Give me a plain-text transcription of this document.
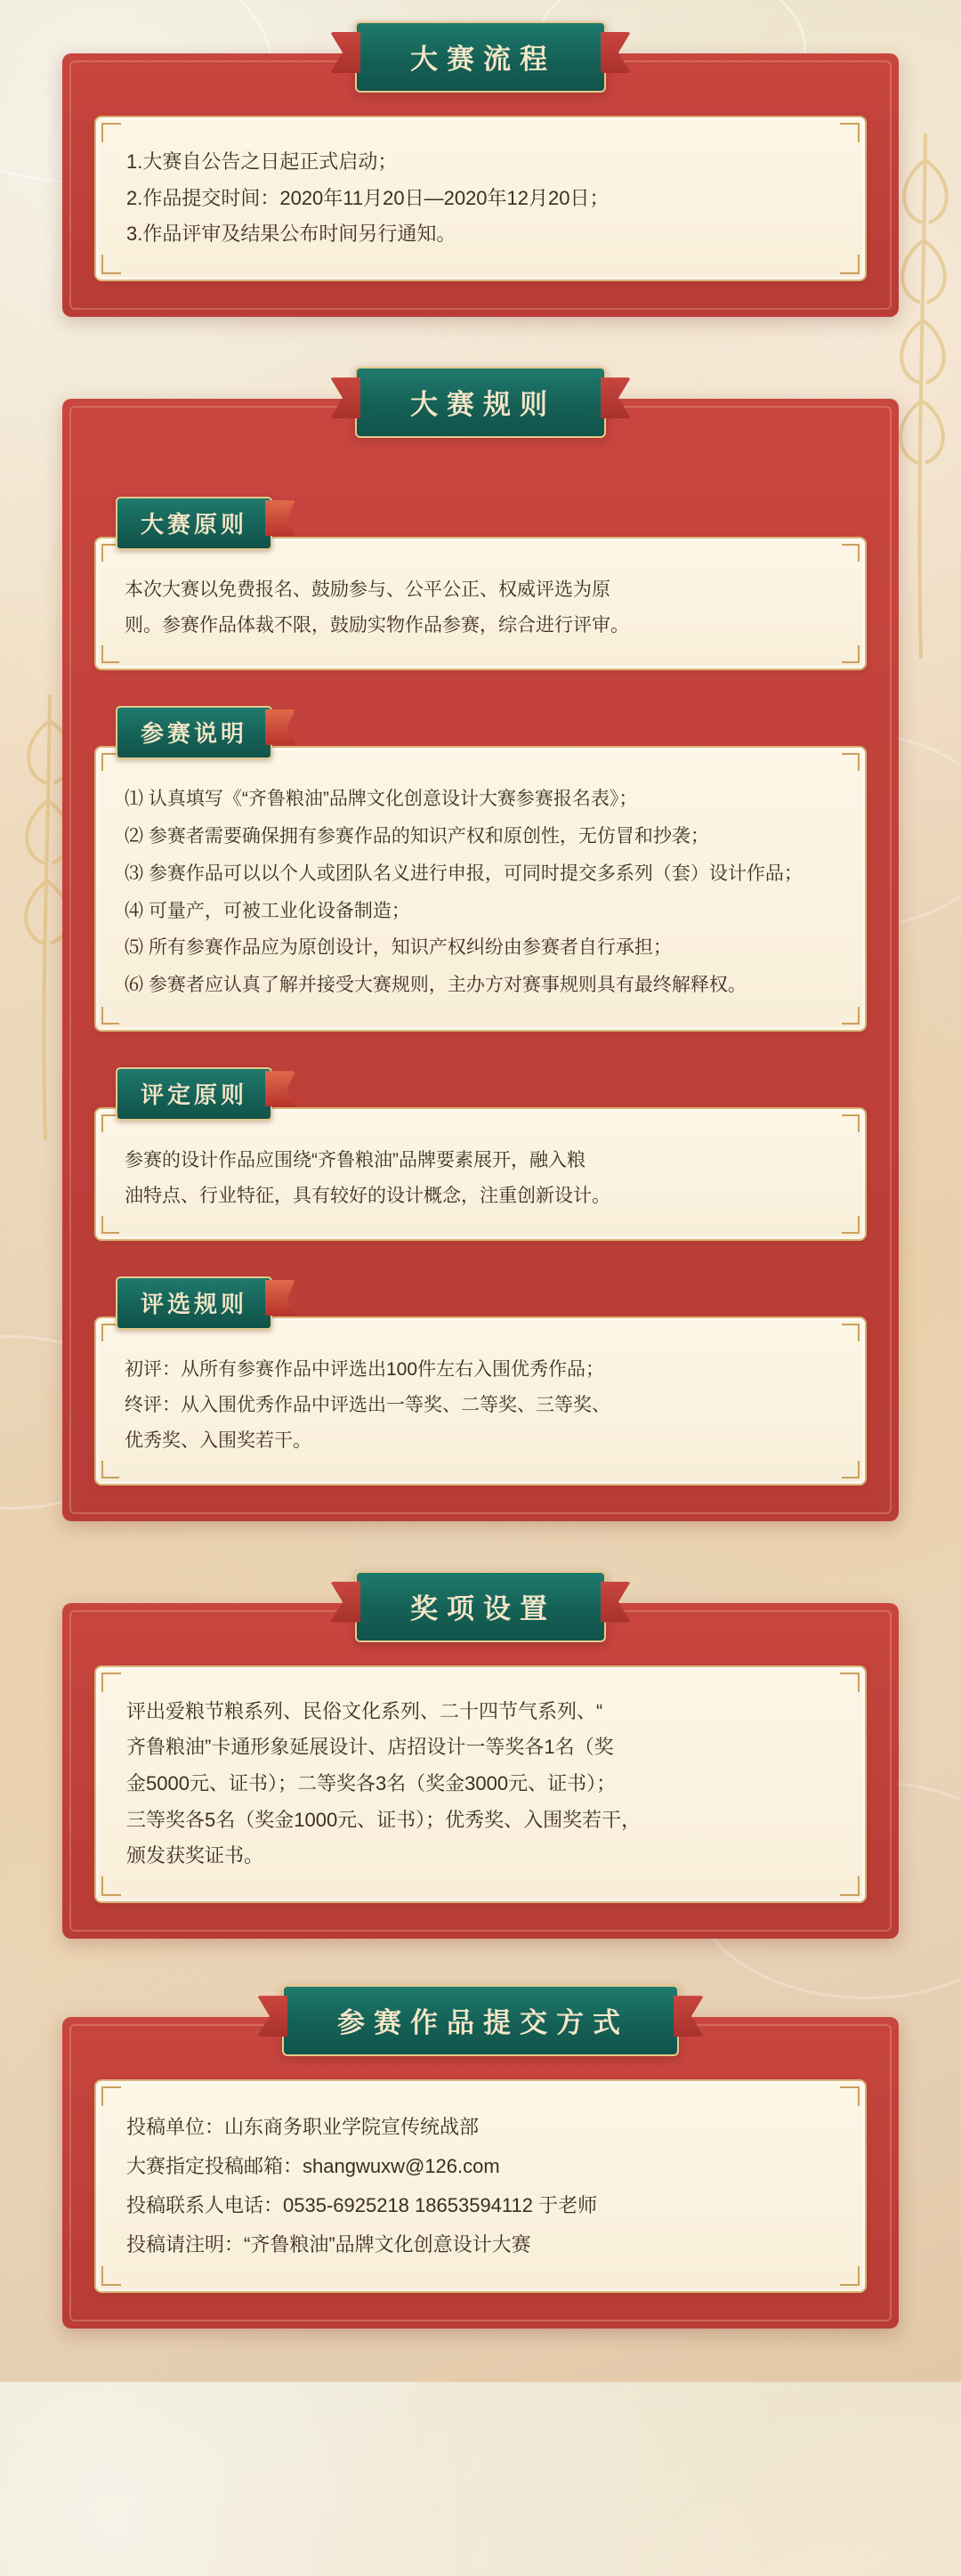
大赛流程

1.大赛自公告之日起正式启动；

2.作品提交时间：2020年11月20日—2020年12月20日；

3.作品评审及结果公布时间另行通知。

大赛规则
大赛原则

本次大赛以免费报名、鼓励参与、公平公正、权威评选为原

则。参赛作品体裁不限，鼓励实物作品参赛，综合进行评审。

参赛说明
⑴ 认真填写《“齐鲁粮油”品牌文化创意设计大赛参赛报名表》；
⑵ 参赛者需要确保拥有参赛作品的知识产权和原创性，无仿冒和抄袭；
⑶ 参赛作品可以以个人或团队名义进行申报，可同时提交多系列（套）设计作品；
⑷ 可量产，可被工业化设备制造；
⑸ 所有参赛作品应为原创设计，知识产权纠纷由参赛者自行承担；
⑹ 参赛者应认真了解并接受大赛规则，主办方对赛事规则具有最终解释权。
评定原则

参赛的设计作品应围绕“齐鲁粮油”品牌要素展开，融入粮

油特点、行业特征，具有较好的设计概念，注重创新设计。

评选规则

初评：从所有参赛作品中评选出100件左右入围优秀作品；

终评：从入围优秀作品中评选出一等奖、二等奖、三等奖、

优秀奖、入围奖若干。

奖项设置

评出爱粮节粮系列、民俗文化系列、二十四节气系列、“

齐鲁粮油”卡通形象延展设计、店招设计一等奖各1名（奖

金5000元、证书）；二等奖各3名（奖金3000元、证书）；

三等奖各5名（奖金1000元、证书）；优秀奖、入围奖若干，

颁发获奖证书。

参赛作品提交方式

投稿单位：山东商务职业学院宣传统战部

大赛指定投稿邮箱：shangwuxw@126.com

投稿联系人电话：0535-6925218 18653594112 于老师

投稿请注明：“齐鲁粮油”品牌文化创意设计大赛
